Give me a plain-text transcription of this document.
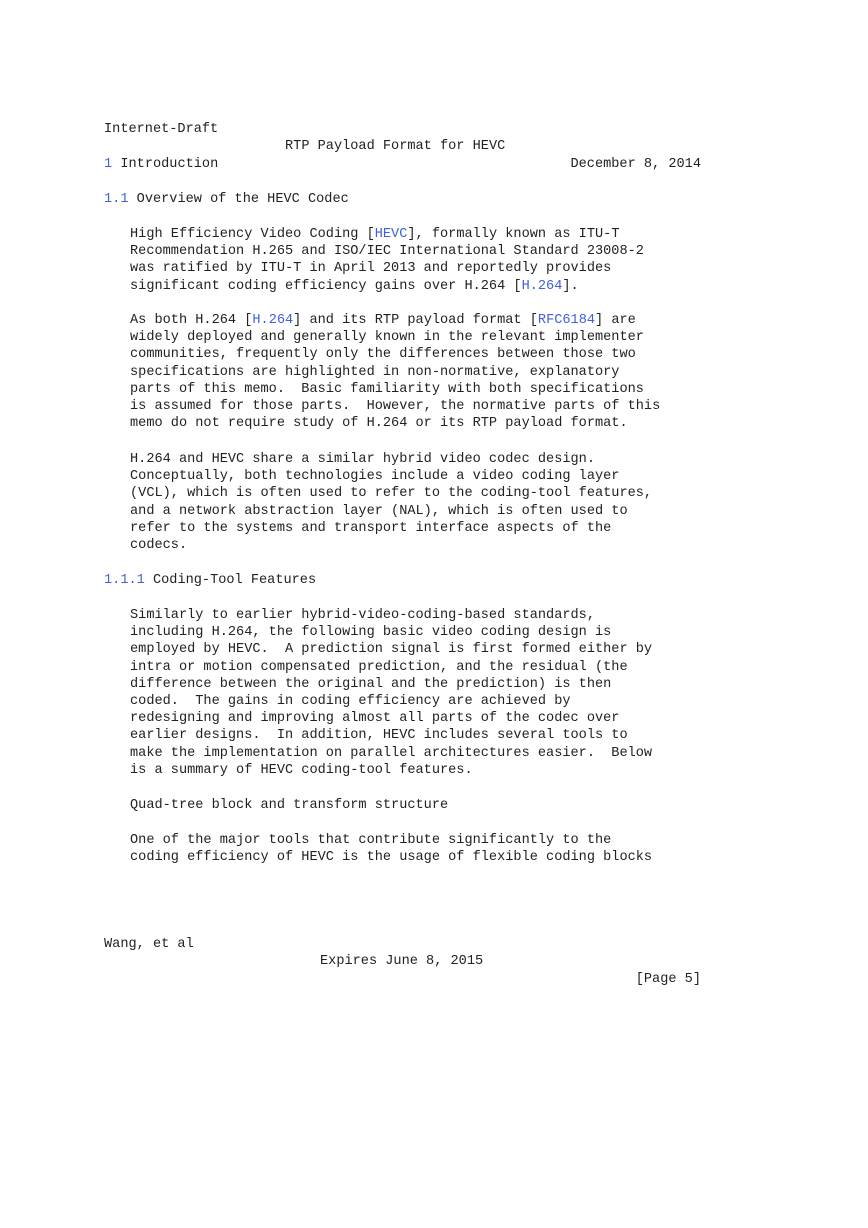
Internet-Draft

RTP Payload Format for HEVC

December 8, 2014

1 Introduction
1.1 Overview of the HEVC Codec

High Efficiency Video Coding [HEVC], formally known as ITU-T
Recommendation H.265 and ISO/IEC International Standard 23008-2
was ratified by ITU-T in April 2013 and reportedly provides
significant coding efficiency gains over H.264 [H.264].

As both H.264 [H.264] and its RTP payload format [RFC6184] are
widely deployed and generally known in the relevant implementer
communities, frequently only the differences between those two
specifications are highlighted in non-normative, explanatory
parts of this memo.  Basic familiarity with both specifications
is assumed for those parts.  However, the normative parts of this
memo do not require study of H.264 or its RTP payload format.

H.264 and HEVC share a similar hybrid video codec design.
Conceptually, both technologies include a video coding layer
(VCL), which is often used to refer to the coding-tool features,
and a network abstraction layer (NAL), which is often used to
refer to the systems and transport interface aspects of the
codecs.

1.1.1 Coding-Tool Features

Similarly to earlier hybrid-video-coding-based standards,
including H.264, the following basic video coding design is
employed by HEVC.  A prediction signal is first formed either by
intra or motion compensated prediction, and the residual (the
difference between the original and the prediction) is then
coded.  The gains in coding efficiency are achieved by
redesigning and improving almost all parts of the codec over
earlier designs.  In addition, HEVC includes several tools to
make the implementation on parallel architectures easier.  Below
is a summary of HEVC coding-tool features.

Quad-tree block and transform structure

One of the major tools that contribute significantly to the
coding efficiency of HEVC is the usage of flexible coding blocks

Wang, et al

Expires June 8, 2015

[Page 5]
